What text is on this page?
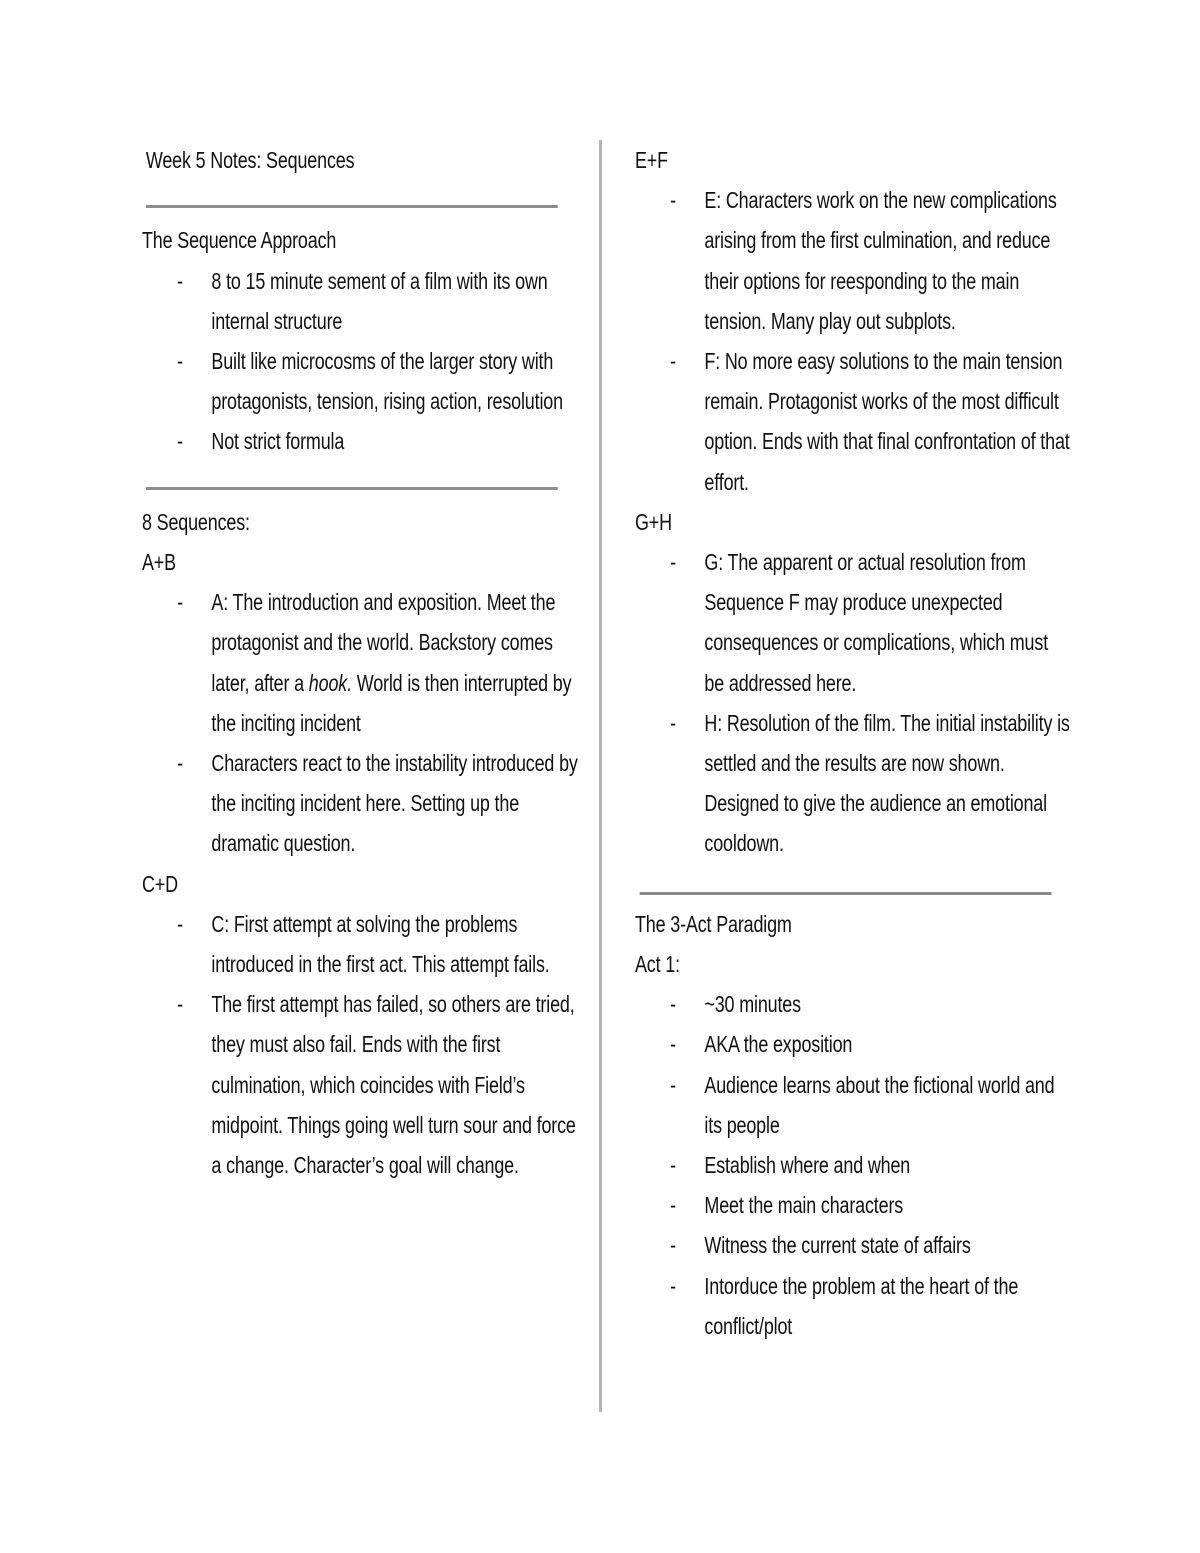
Week 5 Notes: Sequences

The Sequence Approach

- 8 to 15 minute sement of a film with its own internal structure
- Built like microcosms of the larger story with protagonists, tension, rising action, resolution
- Not strict formula

8 Sequences:

A+B

- A: The introduction and exposition. Meet the protagonist and the world. Backstory comes later, after a hook. World is then interrupted by the inciting incident
- Characters react to the instability introduced by the inciting incident here. Setting up the dramatic question.

C+D

- C: First attempt at solving the problems introduced in the first act. This attempt fails.
- The first attempt has failed, so others are tried, they must also fail. Ends with the first culmination, which coincides with Field’s midpoint. Things going well turn sour and force a change. Character’s goal will change.

E+F

- E: Characters work on the new complications arising from the first culmination, and reduce their options for reesponding to the main tension. Many play out subplots.
- F: No more easy solutions to the main tension remain. Protagonist works of the most difficult option. Ends with that final confrontation of that effort.

G+H

- G: The apparent or actual resolution from Sequence F may produce unexpected consequences or complications, which must be addressed here.
- H: Resolution of the film. The initial instability is settled and the results are now shown. Designed to give the audience an emotional cooldown.

The 3-Act Paradigm

Act 1:

- ~30 minutes
- AKA the exposition
- Audience learns about the fictional world and its people
- Establish where and when
- Meet the main characters
- Witness the current state of affairs
- Intorduce the problem at the heart of the conflict/plot
